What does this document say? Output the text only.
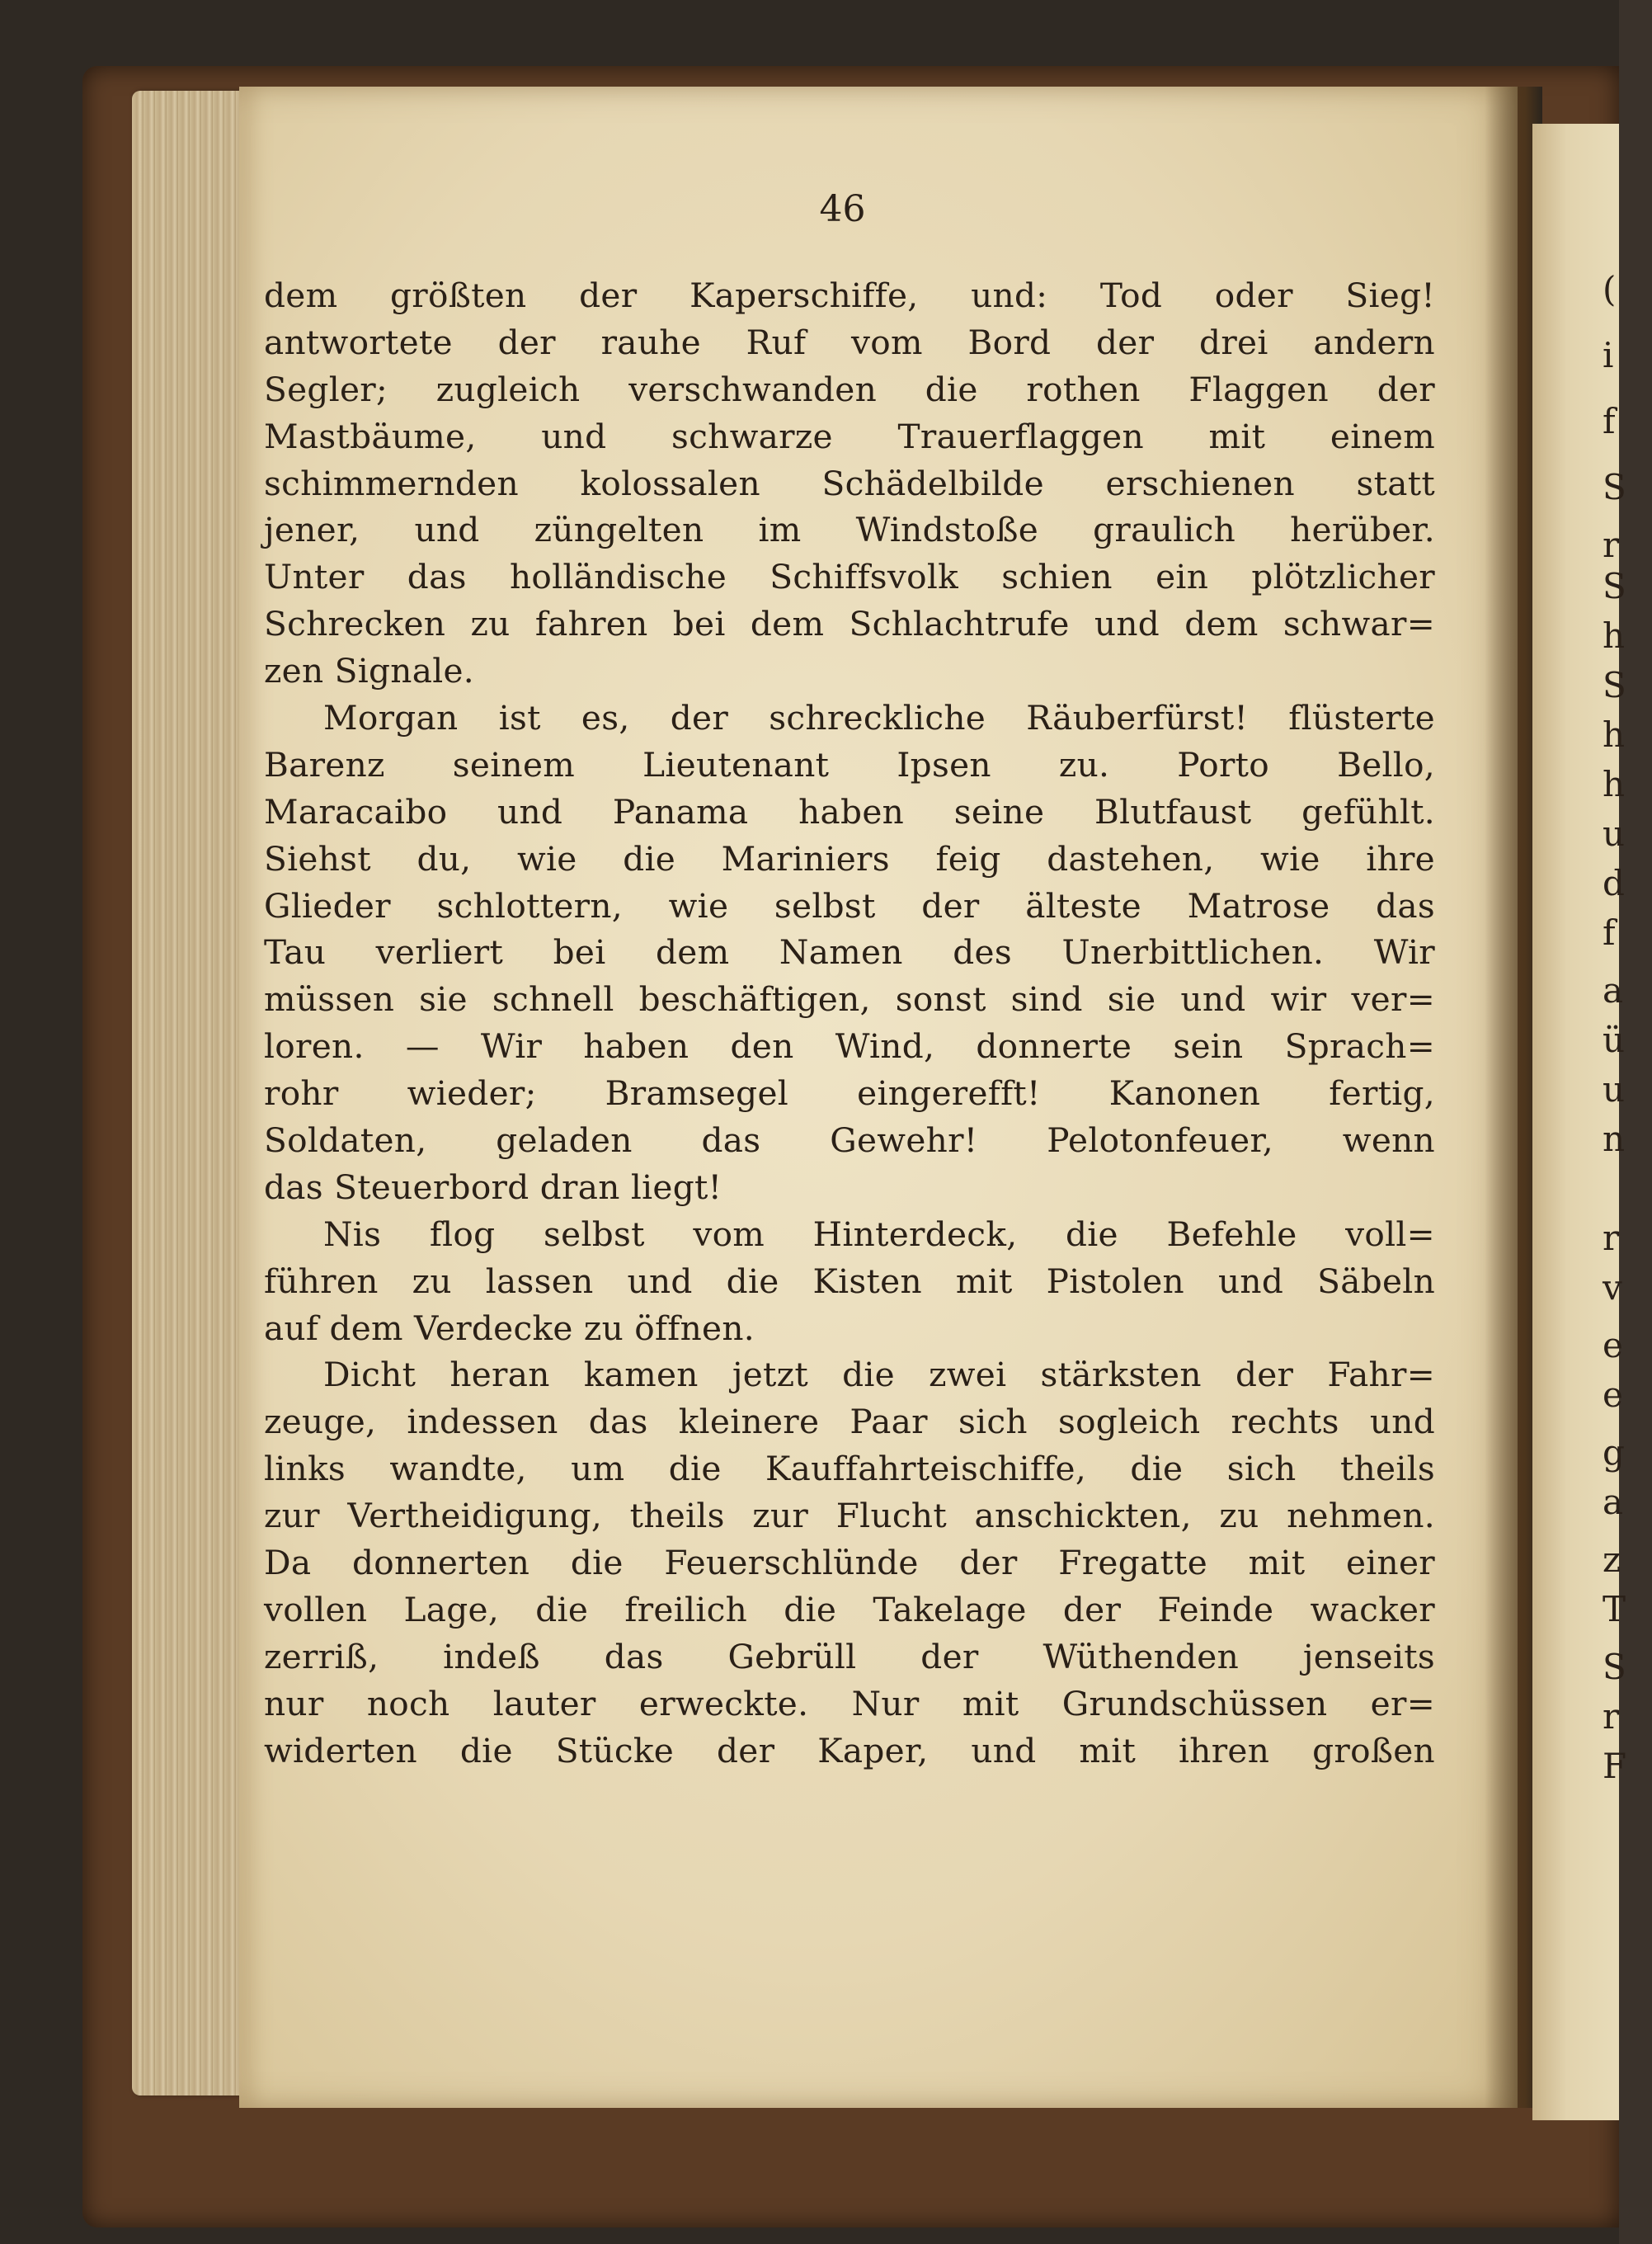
(
i
f
S
r
S
h
S
h
h
u
d
f
a
ü
u
n
r
v
e
e
g
a
z
T
S
r
F
46
dem größten der Kaperschiffe, und: Tod oder Sieg!
antwortete der rauhe Ruf vom Bord der drei andern
Segler; zugleich verschwanden die rothen Flaggen der
Mastbäume, und schwarze Trauerflaggen mit einem
schimmernden kolossalen Schädelbilde erschienen statt
jener, und züngelten im Windstoße graulich herüber.
Unter das holländische Schiffsvolk schien ein plötzlicher
Schrecken zu fahren bei dem Schlachtrufe und dem schwar=
zen Signale.
Morgan ist es, der schreckliche Räuberfürst! flüsterte
Barenz seinem Lieutenant Ipsen zu. Porto Bello,
Maracaibo und Panama haben seine Blutfaust gefühlt.
Siehst du, wie die Mariniers feig dastehen, wie ihre
Glieder schlottern, wie selbst der älteste Matrose das
Tau verliert bei dem Namen des Unerbittlichen. Wir
müssen sie schnell beschäftigen, sonst sind sie und wir ver=
loren. — Wir haben den Wind, donnerte sein Sprach=
rohr wieder; Bramsegel eingerefft! Kanonen fertig,
Soldaten, geladen das Gewehr! Pelotonfeuer, wenn
das Steuerbord dran liegt!
Nis flog selbst vom Hinterdeck, die Befehle voll=
führen zu lassen und die Kisten mit Pistolen und Säbeln
auf dem Verdecke zu öffnen.
Dicht heran kamen jetzt die zwei stärksten der Fahr=
zeuge, indessen das kleinere Paar sich sogleich rechts und
links wandte, um die Kauffahrteischiffe, die sich theils
zur Vertheidigung, theils zur Flucht anschickten, zu nehmen.
Da donnerten die Feuerschlünde der Fregatte mit einer
vollen Lage, die freilich die Takelage der Feinde wacker
zerriß, indeß das Gebrüll der Wüthenden jenseits
nur noch lauter erweckte. Nur mit Grundschüssen er=
widerten die Stücke der Kaper, und mit ihren großen
